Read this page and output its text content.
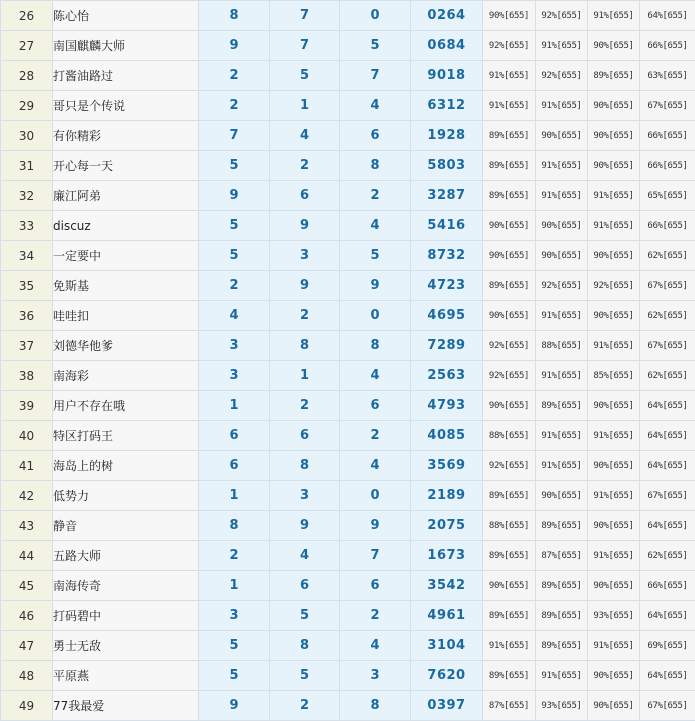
26	陈心怡	8	7	0	0264	90%[655]	92%[655]	91%[655]	64%[655]
27	南国麒麟大师	9	7	5	0684	92%[655]	91%[655]	90%[655]	66%[655]
28	打酱油路过	2	5	7	9018	91%[655]	92%[655]	89%[655]	63%[655]
29	哥只是个传说	2	1	4	6312	91%[655]	91%[655]	90%[655]	67%[655]
30	有你精彩	7	4	6	1928	89%[655]	90%[655]	90%[655]	66%[655]
31	开心每一天	5	2	8	5803	89%[655]	91%[655]	90%[655]	66%[655]
32	廉江阿弟	9	6	2	3287	89%[655]	91%[655]	91%[655]	65%[655]
33	discuz	5	9	4	5416	90%[655]	90%[655]	91%[655]	66%[655]
34	一定要中	5	3	5	8732	90%[655]	90%[655]	90%[655]	62%[655]
35	免斯基	2	9	9	4723	89%[655]	92%[655]	92%[655]	67%[655]
36	哇哇扣	4	2	0	4695	90%[655]	91%[655]	90%[655]	62%[655]
37	刘德华他爹	3	8	8	7289	92%[655]	88%[655]	91%[655]	67%[655]
38	南海彩	3	1	4	2563	92%[655]	91%[655]	85%[655]	62%[655]
39	用户不存在哦	1	2	6	4793	90%[655]	89%[655]	90%[655]	64%[655]
40	特区打码王	6	6	2	4085	88%[655]	91%[655]	91%[655]	64%[655]
41	海岛上的树	6	8	4	3569	92%[655]	91%[655]	90%[655]	64%[655]
42	低势力	1	3	0	2189	89%[655]	90%[655]	91%[655]	67%[655]
43	静音	8	9	9	2075	88%[655]	89%[655]	90%[655]	64%[655]
44	五路大师	2	4	7	1673	89%[655]	87%[655]	91%[655]	62%[655]
45	南海传奇	1	6	6	3542	90%[655]	89%[655]	90%[655]	66%[655]
46	打码碧中	3	5	2	4961	89%[655]	89%[655]	93%[655]	64%[655]
47	勇士无敌	5	8	4	3104	91%[655]	89%[655]	91%[655]	69%[655]
48	平原燕	5	5	3	7620	89%[655]	91%[655]	90%[655]	64%[655]
49	77我最爱	9	2	8	0397	87%[655]	93%[655]	90%[655]	67%[655]
